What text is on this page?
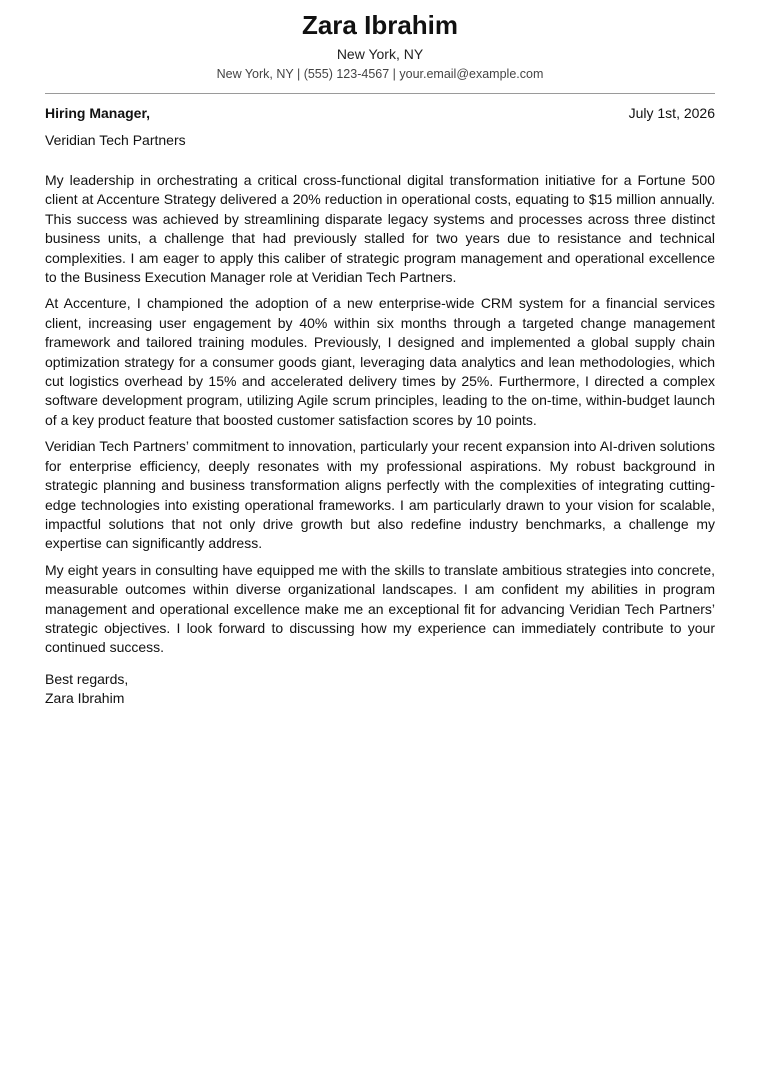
Zara Ibrahim
New York, NY
New York, NY | (555) 123-4567 | your.email@example.com
Hiring Manager,	July 1st, 2026
Veridian Tech Partners

My leadership in orchestrating a critical cross-functional digital transformation initiative for a Fortune 500 client at Accenture Strategy delivered a 20% reduction in operational costs, equating to $15 million annually. This success was achieved by streamlining disparate legacy systems and processes across three distinct business units, a challenge that had previously stalled for two years due to resistance and technical complexities. I am eager to apply this caliber of strategic program management and operational excellence to the Business Execution Manager role at Veridian Tech Partners.

At Accenture, I championed the adoption of a new enterprise-wide CRM system for a financial services client, increasing user engagement by 40% within six months through a targeted change management framework and tailored training modules. Previously, I designed and implemented a global supply chain optimization strategy for a consumer goods giant, leveraging data analytics and lean methodologies, which cut logistics overhead by 15% and accelerated delivery times by 25%. Furthermore, I directed a complex software development program, utilizing Agile scrum principles, leading to the on-time, within-budget launch of a key product feature that boosted customer satisfaction scores by 10 points.

Veridian Tech Partners’ commitment to innovation, particularly your recent expansion into AI-driven solutions for enterprise efficiency, deeply resonates with my professional aspirations. My robust background in strategic planning and business transformation aligns perfectly with the complexities of integrating cutting-edge technologies into existing operational frameworks. I am particularly drawn to your vision for scalable, impactful solutions that not only drive growth but also redefine industry benchmarks, a challenge my expertise can significantly address.

My eight years in consulting have equipped me with the skills to translate ambitious strategies into concrete, measurable outcomes within diverse organizational landscapes. I am confident my abilities in program management and operational excellence make me an exceptional fit for advancing Veridian Tech Partners’ strategic objectives. I look forward to discussing how my experience can immediately contribute to your continued success.

Best regards,
Zara Ibrahim
